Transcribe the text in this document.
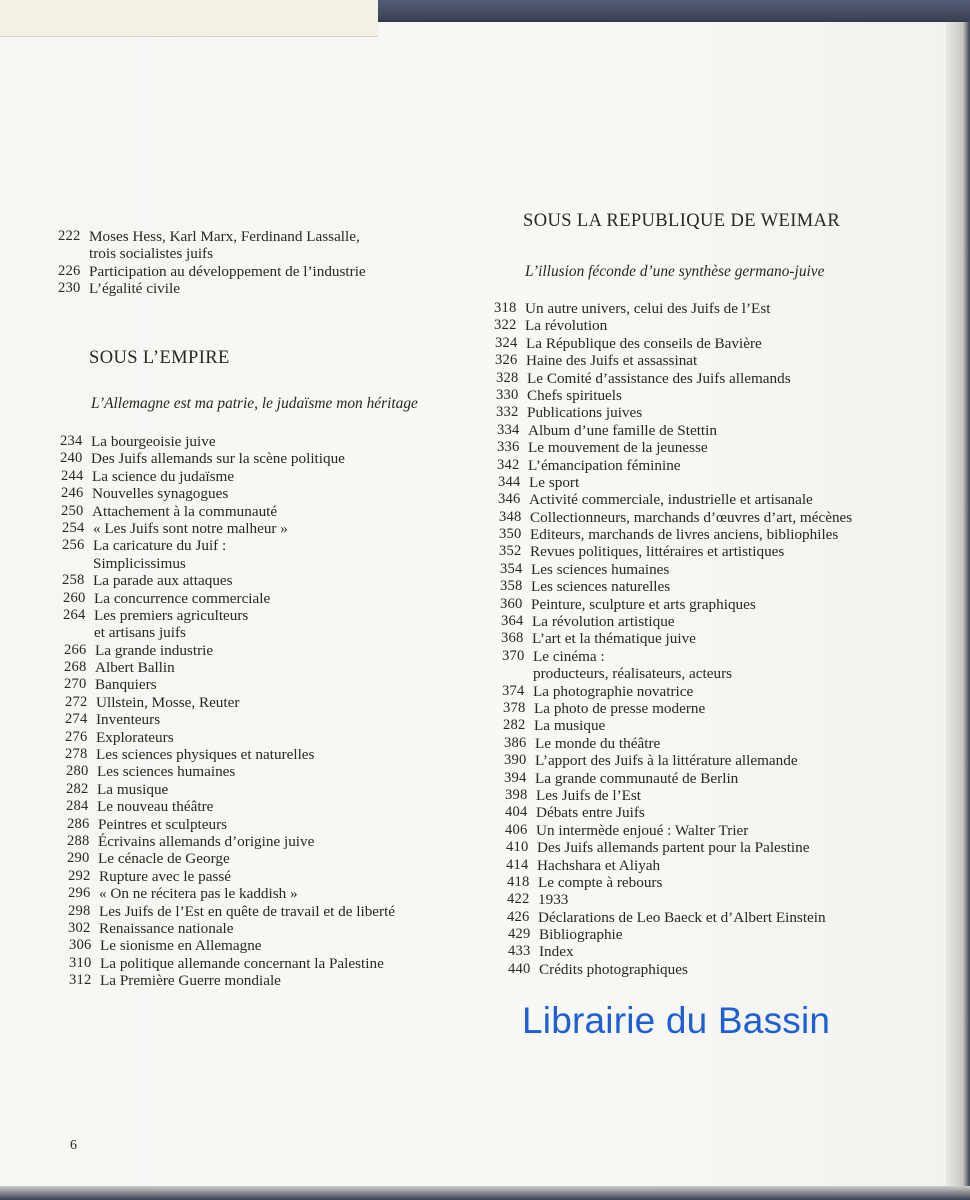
222 Moses Hess, Karl Marx, Ferdinand Lassalle,
trois socialistes juifs
226 Participation au développement de l’industrie
230 L’égalité civile
SOUS L’EMPIRE
L’Allemagne est ma patrie, le judaïsme mon héritage
234 La bourgeoisie juive
240 Des Juifs allemands sur la scène politique
244 La science du judaïsme
246 Nouvelles synagogues
250 Attachement à la communauté
254 « Les Juifs sont notre malheur »
256 La caricature du Juif :
Simplicissimus
258 La parade aux attaques
260 La concurrence commerciale
264 Les premiers agriculteurs
et artisans juifs
266 La grande industrie
268 Albert Ballin
270 Banquiers
272 Ullstein, Mosse, Reuter
274 Inventeurs
276 Explorateurs
278 Les sciences physiques et naturelles
280 Les sciences humaines
282 La musique
284 Le nouveau théâtre
286 Peintres et sculpteurs
288 Écrivains allemands d’origine juive
290 Le cénacle de George
292 Rupture avec le passé
296 « On ne récitera pas le kaddish »
298 Les Juifs de l’Est en quête de travail et de liberté
302 Renaissance nationale
306 Le sionisme en Allemagne
310 La politique allemande concernant la Palestine
312 La Première Guerre mondiale
SOUS LA REPUBLIQUE DE WEIMAR
L’illusion féconde d’une synthèse germano-juive
318 Un autre univers, celui des Juifs de l’Est
322 La révolution
324 La République des conseils de Bavière
326 Haine des Juifs et assassinat
328 Le Comité d’assistance des Juifs allemands
330 Chefs spirituels
332 Publications juives
334 Album d’une famille de Stettin
336 Le mouvement de la jeunesse
342 L’émancipation féminine
344 Le sport
346 Activité commerciale, industrielle et artisanale
348 Collectionneurs, marchands d’œuvres d’art, mécènes
350 Editeurs, marchands de livres anciens, bibliophiles
352 Revues politiques, littéraires et artistiques
354 Les sciences humaines
358 Les sciences naturelles
360 Peinture, sculpture et arts graphiques
364 La révolution artistique
368 L’art et la thématique juive
370 Le cinéma :
producteurs, réalisateurs, acteurs
374 La photographie novatrice
378 La photo de presse moderne
282 La musique
386 Le monde du théâtre
390 L’apport des Juifs à la littérature allemande
394 La grande communauté de Berlin
398 Les Juifs de l’Est
404 Débats entre Juifs
406 Un intermède enjoué : Walter Trier
410 Des Juifs allemands partent pour la Palestine
414 Hachshara et Aliyah
418 Le compte à rebours
422 1933
426 Déclarations de Leo Baeck et d’Albert Einstein
429 Bibliographie
433 Index
440 Crédits photographiques
6
Librairie du Bassin
